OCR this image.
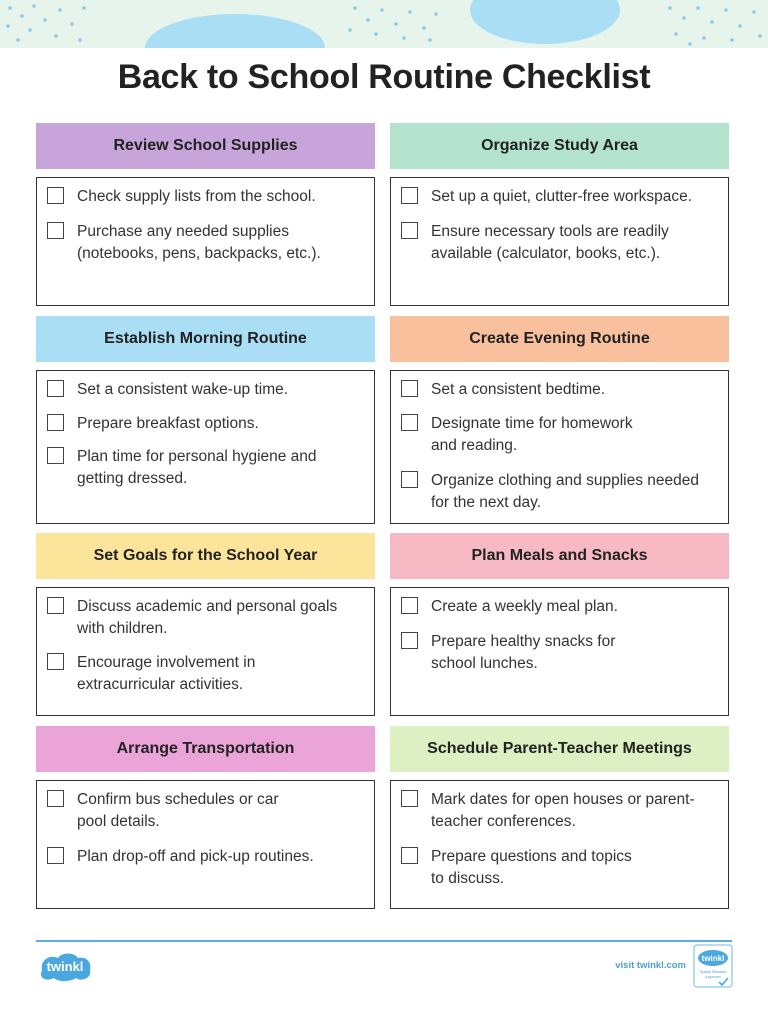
Back to School Routine Checklist
Review School Supplies
Check supply lists from the school.
Purchase any needed supplies
(notebooks, pens, backpacks, etc.).
Organize Study Area
Set up a quiet, clutter-free workspace.
Ensure necessary tools are readily
available (calculator, books, etc.).
Establish Morning Routine
Set a consistent wake-up time.
Prepare breakfast options.
Plan time for personal hygiene and
getting dressed.
Create Evening Routine
Set a consistent bedtime.
Designate time for homework
and reading.
Organize clothing and supplies needed
for the next day.
Set Goals for the School Year
Discuss academic and personal goals
with children.
Encourage involvement in
extracurricular activities.
Plan Meals and Snacks
Create a weekly meal plan.
Prepare healthy snacks for
school lunches.
Arrange Transportation
Confirm bus schedules or car
pool details.
Plan drop-off and pick-up routines.
Schedule Parent-Teacher Meetings
Mark dates for open houses or parent-
teacher conferences.
Prepare questions and topics
to discuss.
twinkl	visit twinkl.com
twinkl
Quality Standard
Approved
